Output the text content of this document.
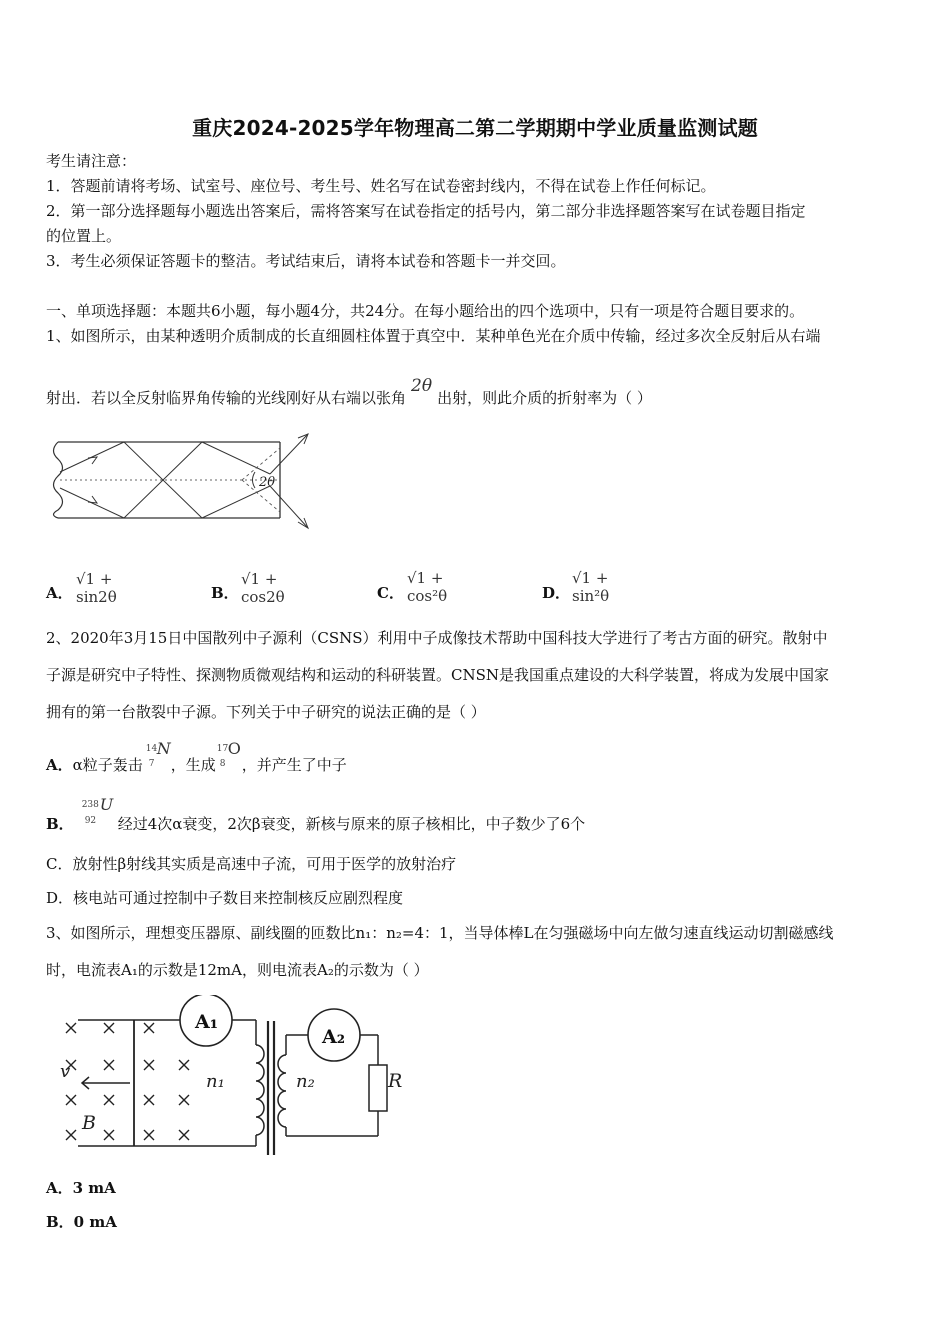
重庆2024-2025学年物理高二第二学期期中学业质量监测试题
考生请注意：
1．答题前请将考场、试室号、座位号、考生号、姓名写在试卷密封线内，不得在试卷上作任何标记。
2．第一部分选择题每小题选出答案后，需将答案写在试卷指定的括号内，第二部分非选择题答案写在试卷题目指定
的位置上。
3．考生必须保证答题卡的整洁。考试结束后，请将本试卷和答题卡一并交回。
一、单项选择题：本题共6小题，每小题4分，共24分。在每小题给出的四个选项中，只有一项是符合题目要求的。
1、如图所示，由某种透明介质制成的长直细圆柱体置于真空中．某种单色光在介质中传输，经过多次全反射后从右端
射出．若以全反射临界角传输的光线刚好从右端以张角2θ出射，则此介质的折射率为（ ）
2θ
A．
√1 + sin2θ	B．
√1 + cos2θ	C．
√1 + cos²θ	D．
√1 + sin²θ
2、2020年3月15日中国散列中子源利（CSNS）利用中子成像技术帮助中国科技大学进行了考古方面的研究。散射中
子源是研究中子特性、探测物质微观结构和运动的科研装置。CNSN是我国重点建设的大科学装置，将成为发展中国家
拥有的第一台散裂中子源。下列关于中子研究的说法正确的是（ ）
A．α粒子轰击
14
7
N
，生成
17
8
O
，并产生了中子
B．
238
92
U
经过4次α衰变，2次β衰变，新核与原来的原子核相比，中子数少了6个
C．放射性β射线其实质是高速中子流，可用于医学的放射治疗
D．核电站可通过控制中子数目来控制核反应剧烈程度
3、如图所示，理想变压器原、副线圈的匝数比n₁：n₂=4：1，当导体棒L在匀强磁场中向左做匀速直线运动切割磁感线
时，电流表A₁的示数是12mA，则电流表A₂的示数为（ ）
A₁
A₂
n₁	n₂	R
v
B
A．3 mA
B．0 mA
